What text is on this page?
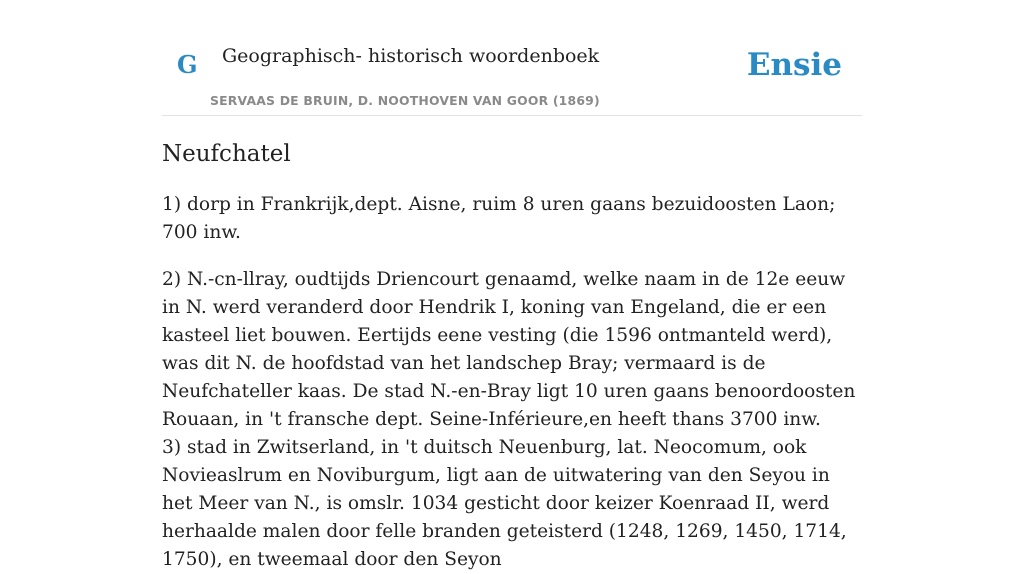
G Geographisch- historisch woordenboek
SERVAAS DE BRUIN, D. NOOTHOVEN VAN GOOR (1869)
Ensie
Neufchatel

1) dorp in Frankrijk,dept. Aisne, ruim 8 uren gaans bezuidoosten Laon; 700 inw.

2) N.-cn-llray, oudtijds Driencourt genaamd, welke naam in de 12e eeuw in N. werd veranderd door Hendrik I, koning van Engeland, die er een kasteel liet bouwen. Eertijds eene vesting (die 1596 ontmanteld werd), was dit N. de hoofdstad van het landschep Bray; vermaard is de Neufchateller kaas. De stad N.-en-Bray ligt 10 uren gaans benoordoosten Rouaan, in 't fransche dept. Seine-Inférieure,en heeft thans 3700 inw.

3) stad in Zwitserland, in 't duitsch Neuenburg, lat. Neocomum, ook Novieaslrum en Noviburgum, ligt aan de uitwatering van den Seyou in het Meer van N., is omslr. 1034 gesticht door keizer Koenraad II, werd herhaalde malen door felle branden geteisterd (1248, 1269, 1450, 1714, 1750), en tweemaal door den Seyon
